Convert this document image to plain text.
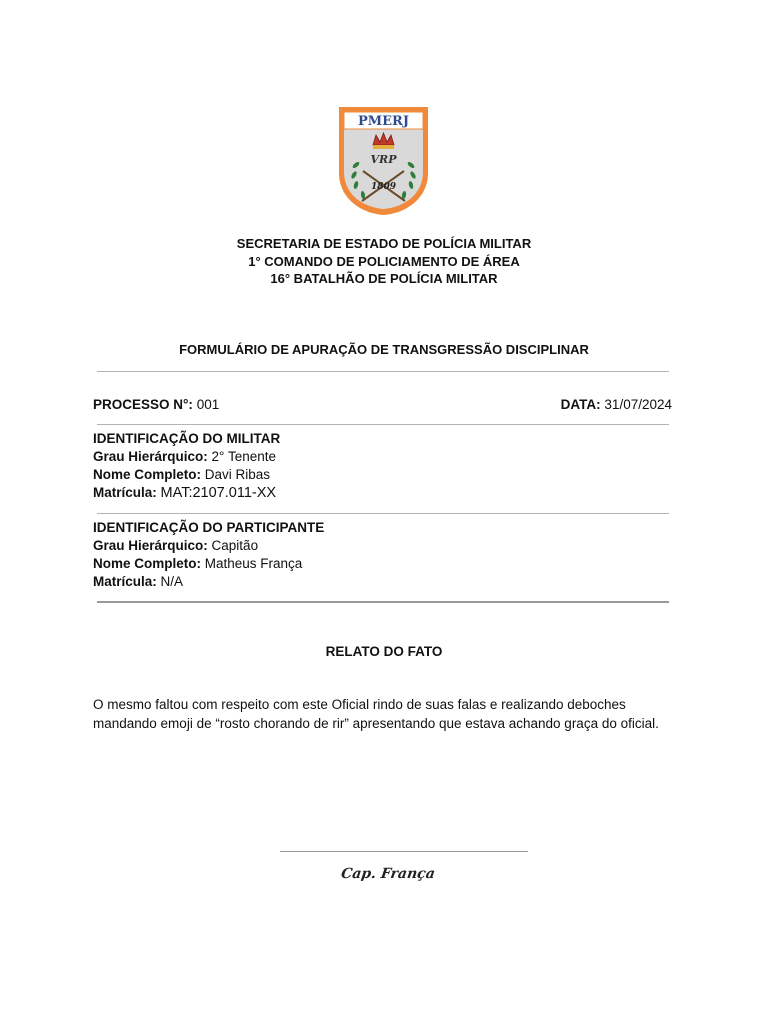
PMERJ
VRP
1809
SECRETARIA DE ESTADO DE POLÍCIA MILITAR
1° COMANDO DE POLICIAMENTO DE ÁREA
16° BATALHÃO DE POLÍCIA MILITAR
FORMULÁRIO DE APURAÇÃO DE TRANSGRESSÃO DISCIPLINAR
PROCESSO N°: 001	DATA: 31/07/2024
IDENTIFICAÇÃO DO MILITAR
Grau Hierárquico: 2° Tenente
Nome Completo: Davi Ribas
Matrícula: MAT:2107.011-XX
IDENTIFICAÇÃO DO PARTICIPANTE
Grau Hierárquico: Capitão
Nome Completo: Matheus França
Matrícula: N/A
RELATO DO FATO
O mesmo faltou com respeito com este Oficial rindo de suas falas e realizando deboches mandando emoji de “rosto chorando de rir” apresentando que estava achando graça do oficial.
Cap. França
